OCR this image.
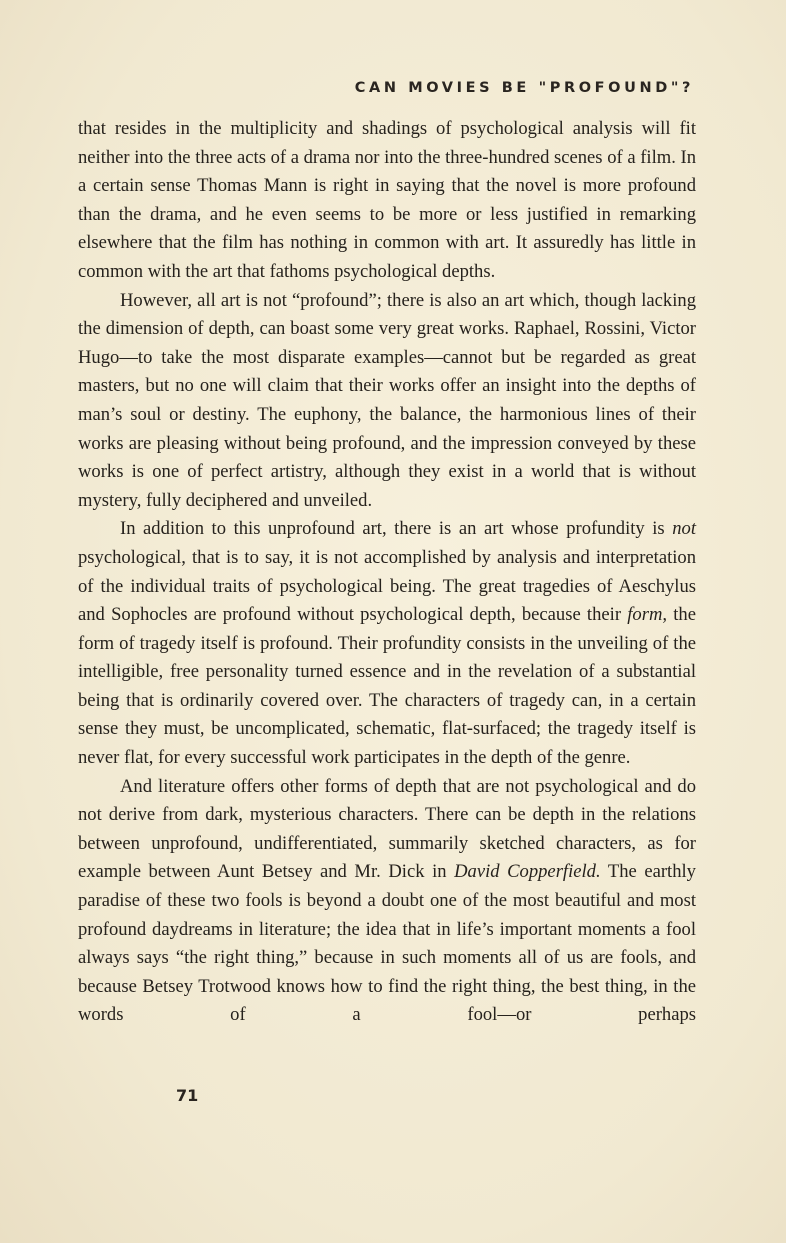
CAN MOVIES BE "PROFOUND"?

that resides in the multiplicity and shadings of psychological analysis will fit neither into the three acts of a drama nor into the three-hundred scenes of a film. In a certain sense Thomas Mann is right in saying that the novel is more profound than the drama, and he even seems to be more or less justified in remarking elsewhere that the film has nothing in common with art. It assuredly has little in common with the art that fathoms psychological depths.

However, all art is not “profound”; there is also an art which, though lacking the dimension of depth, can boast some very great works. Raphael, Rossini, Victor Hugo—to take the most disparate examples—cannot but be regarded as great masters, but no one will claim that their works offer an insight into the depths of man’s soul or destiny. The euphony, the balance, the harmonious lines of their works are pleasing without being profound, and the impression conveyed by these works is one of perfect artistry, although they exist in a world that is without mystery, fully deciphered and unveiled.

In addition to this unprofound art, there is an art whose profundity is not psychological, that is to say, it is not accomplished by analysis and interpretation of the individual traits of psychological being. The great tragedies of Aeschylus and Sophocles are profound without psychological depth, because their form, the form of tragedy itself is profound. Their profundity consists in the unveiling of the intelligible, free personality turned essence and in the revelation of a substantial being that is ordinarily covered over. The characters of tragedy can, in a certain sense they must, be uncomplicated, schematic, flat-surfaced; the tragedy itself is never flat, for every successful work participates in the depth of the genre.

And literature offers other forms of depth that are not psychological and do not derive from dark, mysterious characters. There can be depth in the relations between unprofound, undifferentiated, summarily sketched characters, as for example between Aunt Betsey and Mr. Dick in David Copperfield. The earthly paradise of these two fools is beyond a doubt one of the most beautiful and most profound daydreams in literature; the idea that in life’s important moments a fool always says “the right thing,” because in such moments all of us are fools, and because Betsey Trotwood knows how to find the right thing, the best thing, in the words of a fool—or perhaps

71
